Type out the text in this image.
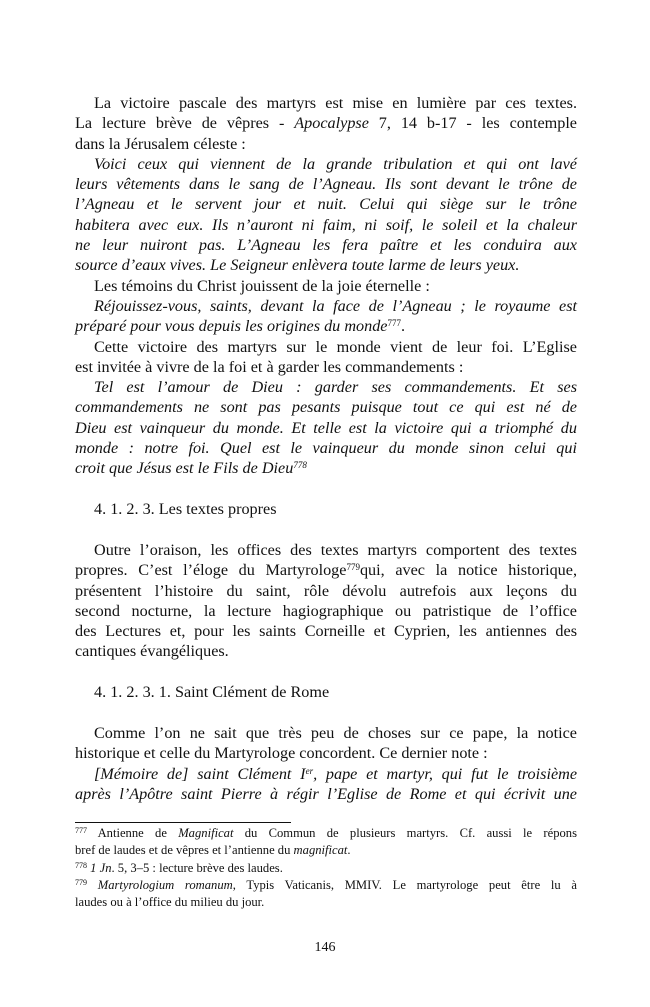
La victoire pascale des martyrs est mise en lumière par ces textes.
La lecture brève de vêpres - Apocalypse 7, 14 b-17 - les contemple
dans la Jérusalem céleste :
Voici ceux qui viennent de la grande tribulation et qui ont lavé
leurs vêtements dans le sang de l’Agneau. Ils sont devant le trône de
l’Agneau et le servent jour et nuit. Celui qui siège sur le trône
habitera avec eux. Ils n’auront ni faim, ni soif, le soleil et la chaleur
ne leur nuiront pas. L’Agneau les fera paître et les conduira aux
source d’eaux vives. Le Seigneur enlèvera toute larme de leurs yeux.
Les témoins du Christ jouissent de la joie éternelle :
Réjouissez-vous, saints, devant la face de l’Agneau ; le royaume est
préparé pour vous depuis les origines du monde$^{777}$.
Cette victoire des martyrs sur le monde vient de leur foi. L’Eglise
est invitée à vivre de la foi et à garder les commandements :
Tel est l’amour de Dieu : garder ses commandements. Et ses
commandements ne sont pas pesants puisque tout ce qui est né de
Dieu est vainqueur du monde. Et telle est la victoire qui a triomphé du
monde : notre foi. Quel est le vainqueur du monde sinon celui qui
croit que Jésus est le Fils de Dieu$^{778}$
4. 1. 2. 3. Les textes propres
Outre l’oraison, les offices des textes martyrs comportent des textes
propres. C’est l’éloge du Martyrologe$^{779}$qui, avec la notice historique,
présentent l’histoire du saint, rôle dévolu autrefois aux leçons du
second nocturne, la lecture hagiographique ou patristique de l’office
des Lectures et, pour les saints Corneille et Cyprien, les antiennes des
cantiques évangéliques.
4. 1. 2. 3. 1. Saint Clément de Rome
Comme l’on ne sait que très peu de choses sur ce pape, la notice
historique et celle du Martyrologe concordent. Ce dernier note :
[Mémoire de] saint Clément Ier, pape et martyr, qui fut le troisième
après l’Apôtre saint Pierre à régir l’Eglise de Rome et qui écrivit une
$^{777}$ Antienne de Magnificat du Commun de plusieurs martyrs. Cf. aussi le répons
bref de laudes et de vêpres et l’antienne du magnificat.
$^{778}$ 1 Jn. 5, 3–5 : lecture brève des laudes.
$^{779}$ Martyrologium romanum, Typis Vaticanis, MMIV. Le martyrologe peut être lu à
laudes ou à l’office du milieu du jour.
146
